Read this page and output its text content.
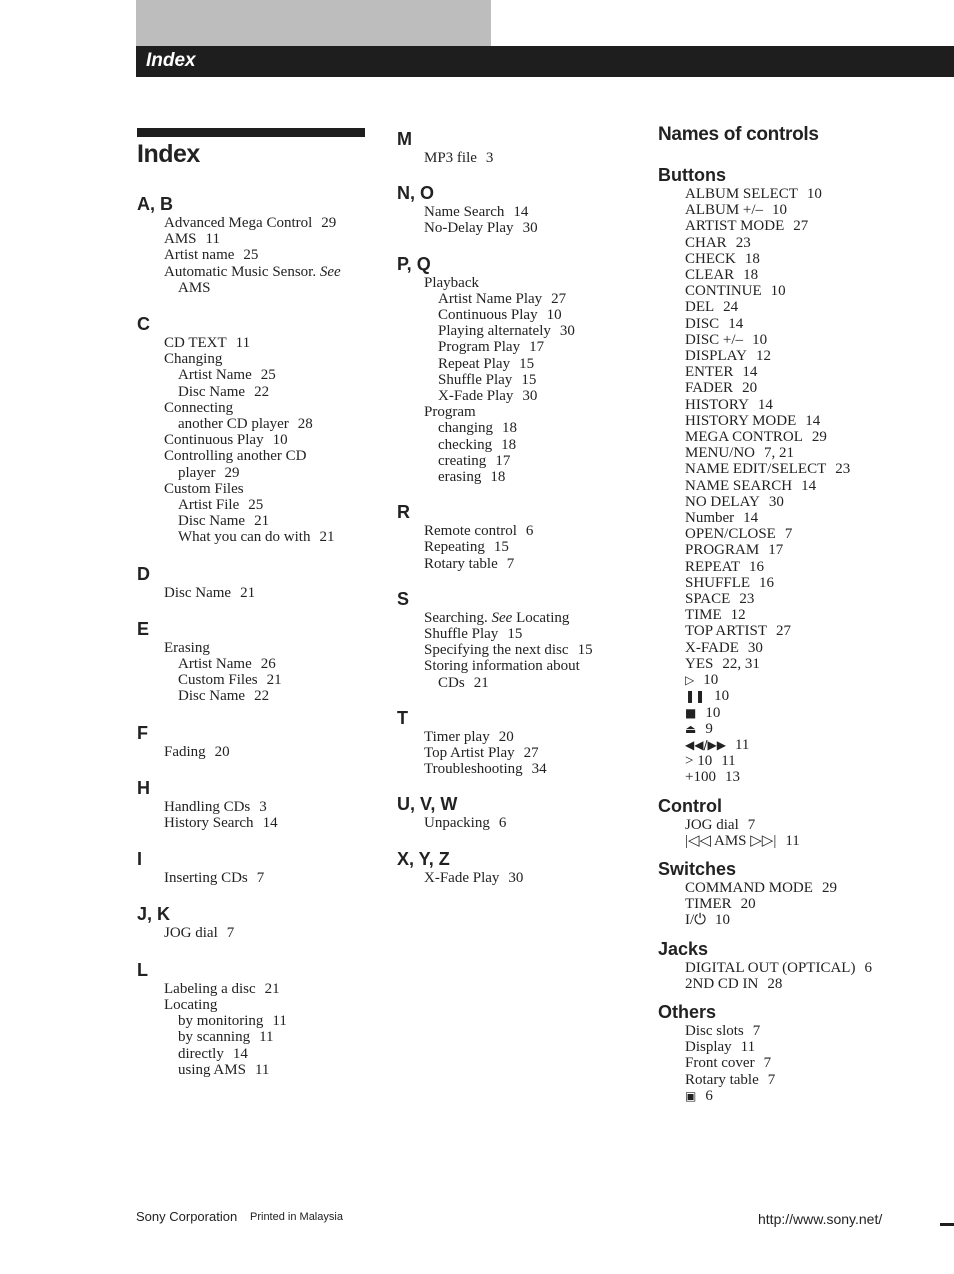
Index
Index
A, B
Advanced Mega Control 29
AMS 11
Artist name 25
Automatic Music Sensor. See
AMS
C
CD TEXT 11
Changing
Artist Name 25
Disc Name 22
Connecting
another CD player 28
Continuous Play 10
Controlling another CD
player 29
Custom Files
Artist File 25
Disc Name 21
What you can do with 21
D
Disc Name 21
E
Erasing
Artist Name 26
Custom Files 21
Disc Name 22
F
Fading 20
H
Handling CDs 3
History Search 14
I
Inserting CDs 7
J, K
JOG dial 7
L
Labeling a disc 21
Locating
by monitoring 11
by scanning 11
directly 14
using AMS 11
M
MP3 file 3
N, O
Name Search 14
No-Delay Play 30
P, Q
Playback
Artist Name Play 27
Continuous Play 10
Playing alternately 30
Program Play 17
Repeat Play 15
Shuffle Play 15
X-Fade Play 30
Program
changing 18
checking 18
creating 17
erasing 18
R
Remote control 6
Repeating 15
Rotary table 7
S
Searching. See Locating
Shuffle Play 15
Specifying the next disc 15
Storing information about
CDs 21
T
Timer play 20
Top Artist Play 27
Troubleshooting 34
U, V, W
Unpacking 6
X, Y, Z
X-Fade Play 30
Names of controls
Buttons
ALBUM SELECT 10
ALBUM +/– 10
ARTIST MODE 27
CHAR 23
CHECK 18
CLEAR 18
CONTINUE 10
DEL 24
DISC 14
DISC +/– 10
DISPLAY 12
ENTER 14
FADER 20
HISTORY 14
HISTORY MODE 14
MEGA CONTROL 29
MENU/NO 7, 21
NAME EDIT/SELECT 23
NAME SEARCH 14
NO DELAY 30
Number 14
OPEN/CLOSE 7
PROGRAM 17
REPEAT 16
SHUFFLE 16
SPACE 23
TIME 12
TOP ARTIST 27
X-FADE 30
YES 22, 31
▷ 10
❚❚ 10
■ 10
⏏ 9
◀◀/▶▶ 11
> 10 11
+100 13
Control
JOG dial 7
|◁◁ AMS ▷▷| 11
Switches
COMMAND MODE 29
TIMER 20
I/⏻ 10
Jacks
DIGITAL OUT (OPTICAL) 6
2ND CD IN 28
Others
Disc slots 7
Display 11
Front cover 7
Rotary table 7
▣ 6
Sony Corporation Printed in Malaysia	http://www.sony.net/
